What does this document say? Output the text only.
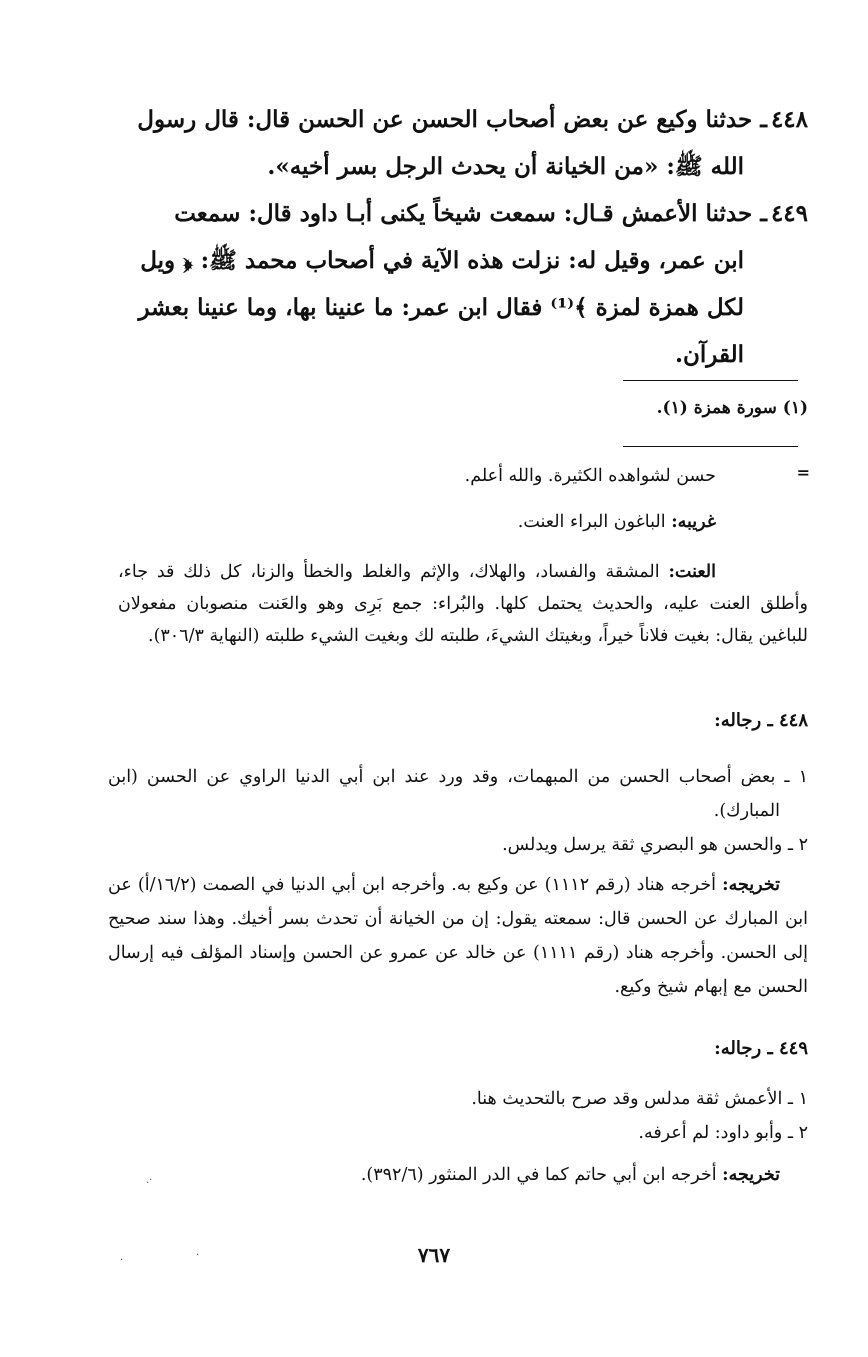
٤٤٨ـ حدثنا وكيع عن بعض أصحاب الحسن عن الحسن قال: قال رسول
الله ﷺ: «من الخيانة أن يحدث الرجل بسر أخيه».
٤٤٩ـ حدثنا الأعمش قـال: سمعت شيخاً يكنى أبـا داود قال: سمعت
ابن عمر، وقيل له: نزلت هذه الآية في أصحاب محمد ﷺ: ﴿ ويل
لكل همزة لمزة ﴾⁽¹⁾ فقال ابن عمر: ما عنينا بها، وما عنينا بعشر
القرآن.
(١) سورة همزة (١).
=
حسن لشواهده الكثيرة. والله أعلم.
غريبه: الباغون البراء العنت.
العنت: المشقة والفساد، والهلاك، والإثم والغلط والخطأ والزنا، كل ذلك قد جاء، وأطلق العنت عليه، والحديث يحتمل كلها. والبُراء: جمع بَرِى وهو والعَنت منصوبان مفعولان للباغين يقال: بغيت فلاناً خيراً، وبغيتك الشيءَ، طلبته لك وبغيت الشيء طلبته (النهاية ٣٠٦/٣).
٤٤٨ ـ رجاله:
١ ـ بعض أصحاب الحسن من المبهمات، وقد ورد عند ابن أبي الدنيا الراوي عن الحسن (ابن المبارك).
٢ ـ والحسن هو البصري ثقة يرسل ويدلس.
تخريجه: أخرجه هناد (رقم ١١١٢) عن وكيع به. وأخرجه ابن أبي الدنيا في الصمت (١٦/٢/أ) عن ابن المبارك عن الحسن قال: سمعته يقول: إن من الخيانة أن تحدث بسر أخيك. وهذا سند صحيح إلى الحسن. وأخرجه هناد (رقم ١١١١) عن خالد عن عمرو عن الحسن وإسناد المؤلف فيه إرسال الحسن مع إبهام شيخ وكيع.
٤٤٩ ـ رجاله:
١ ـ الأعمش ثقة مدلس وقد صرح بالتحديث هنا.
٢ ـ وأبو داود: لم أعرفه.
تخريجه: أخرجه ابن أبي حاتم كما في الدر المنثور (٣٩٢/٦).
·.
·	·	٧٦٧
